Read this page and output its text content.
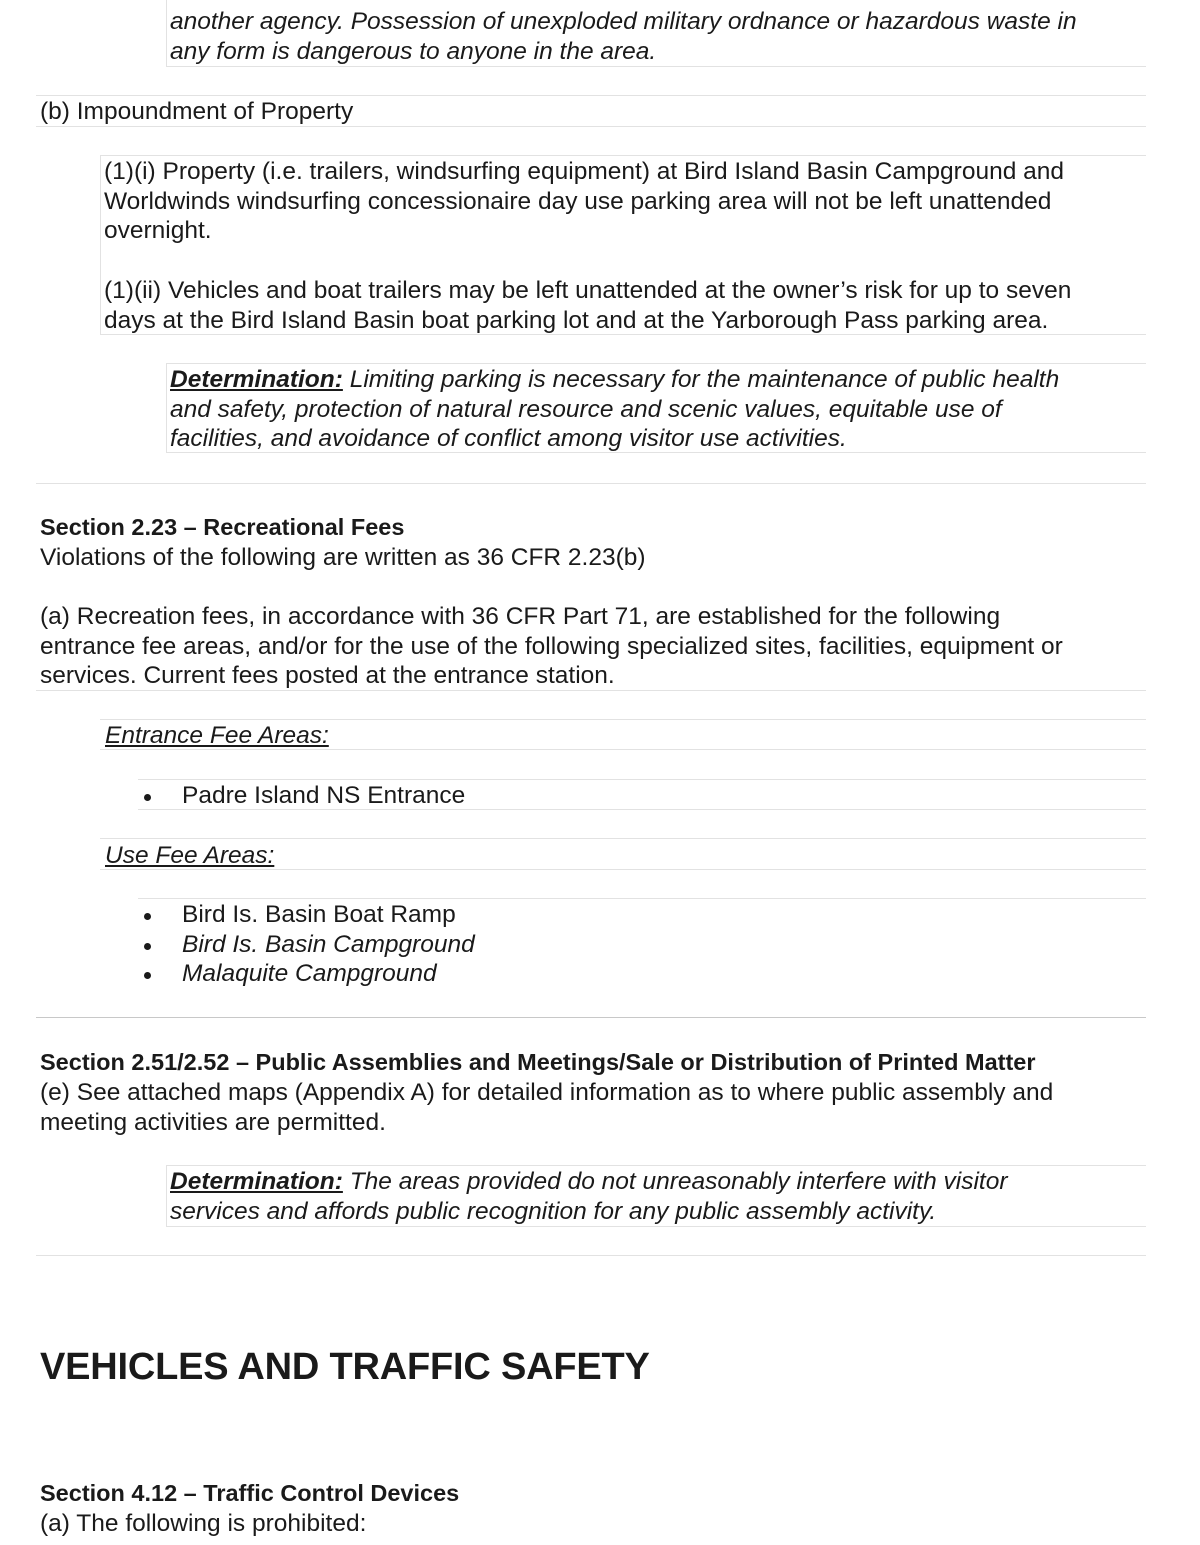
another agency. Possession of unexploded military ordnance or hazardous waste in
any form is dangerous to anyone in the area.
(b) Impoundment of Property
(1)(i) Property (i.e. trailers, windsurfing equipment) at Bird Island Basin Campground and
Worldwinds windsurfing concessionaire day use parking area will not be left unattended
overnight.
(1)(ii) Vehicles and boat trailers may be left unattended at the owner’s risk for up to seven
days at the Bird Island Basin boat parking lot and at the Yarborough Pass parking area.
Determination: Limiting parking is necessary for the maintenance of public health
and safety, protection of natural resource and scenic values, equitable use of
facilities, and avoidance of conflict among visitor use activities.
Section 2.23 – Recreational Fees
Violations of the following are written as 36 CFR 2.23(b)
(a) Recreation fees, in accordance with 36 CFR Part 71, are established for the following
entrance fee areas, and/or for the use of the following specialized sites, facilities, equipment or
services. Current fees posted at the entrance station.
Entrance Fee Areas:
Padre Island NS Entrance
Use Fee Areas:
Bird Is. Basin Boat Ramp
Bird Is. Basin Campground
Malaquite Campground
Section 2.51/2.52 – Public Assemblies and Meetings/Sale or Distribution of Printed Matter
(e) See attached maps (Appendix A) for detailed information as to where public assembly and
meeting activities are permitted.
Determination: The areas provided do not unreasonably interfere with visitor
services and affords public recognition for any public assembly activity.
VEHICLES AND TRAFFIC SAFETY
Section 4.12 – Traffic Control Devices
(a) The following is prohibited:
